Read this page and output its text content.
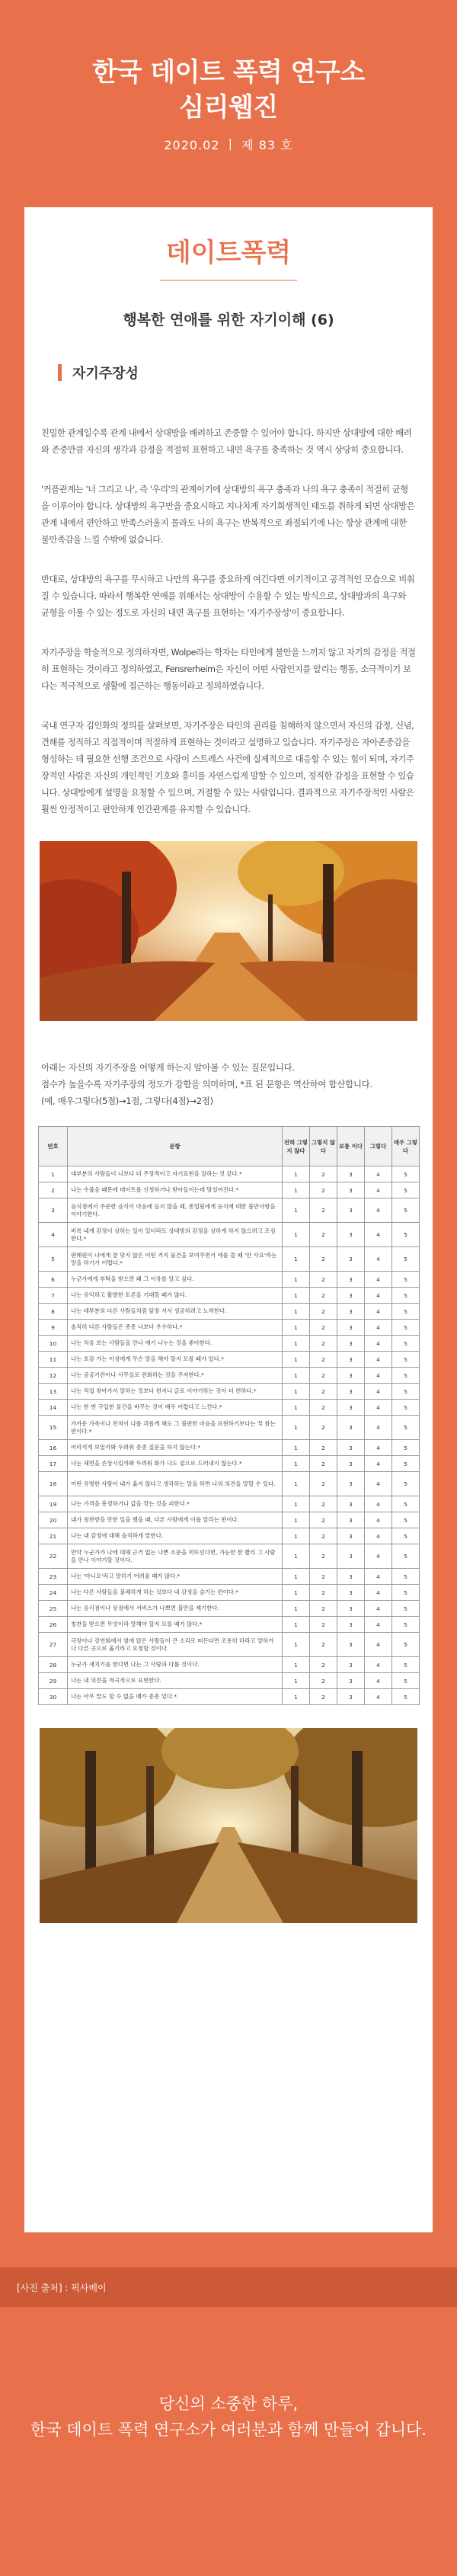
한국 데이트 폭력 연구소
심리웹진
2020.02 ㅣ 제 83 호
데이트폭력
행복한 연애를 위한 자기이해 (6)
자기주장성

친밀한 관계일수록 관계 내에서 상대방을 배려하고 존중할 수 있어야 합니다. 하지만 상대방에 대한 배려와 존중만큼 자신의 생각과 감정을 적절히 표현하고 내면 욕구를 충족하는 것 역시 상당히 중요합니다.

'커플관계는 '너 그리고 나', 즉 '우리'의 관계이기에 상대방의 욕구 충족과 나의 욕구 충족이 적절히 균형을 이루어야 합니다. 상대방의 욕구만을 중요시하고 지나치게 자기희생적인 태도를 취하게 되면 상대방은 관계 내에서 편안하고 만족스러울지 몰라도 나의 욕구는 반복적으로 좌절되기에 나는 항상 관계에 대한 불만족감을 느낄 수밖에 없습니다.

반대로, 상대방의 욕구를 무시하고 나만의 욕구를 중요하게 여긴다면 이기적이고 공격적인 모습으로 비춰질 수 있습니다. 따라서 행복한 연애를 위해서는 상대방이 수용할 수 있는 방식으로, 상대방과의 욕구와 균형을 이룰 수 있는 정도로 자신의 내면 욕구를 표현하는 '자기주장성'이 중요합니다.

자기주장을 학술적으로 정의하자면, Wolpe라는 학자는 타인에게 불안을 느끼지 않고 자기의 감정을 적절히 표현하는 것이라고 정의하였고, Fensrerheim은 자신이 어떤 사람인지를 알리는 행동, 소극적이기 보다는 적극적으로 생활에 접근하는 행동이라고 정의하였습니다.

국내 연구자 김인화의 정의를 살펴보면, 자기주장은 타인의 권리를 침해하지 않으면서 자신의 감정, 신념, 견해를 정직하고 직접적이며 적절하게 표현하는 것이라고 설명하고 있습니다. 자기주장은 자아존중감을 형성하는 데 필요한 선행 조건으로 사랑이 스트레스 사건에 실제적으로 대응할 수 있는 힘이 되며, 자기주장적인 사람은 자신의 개인적인 기호와 흥미를 자연스럽게 말할 수 있으며, 정직한 감정을 표현할 수 있습니다. 상대방에게 설명을 요청할 수 있으며, 거절할 수 있는 사람입니다. 결과적으로 자기주장적인 사람은 훨씬 안정적이고 편안하게 인간관계를 유지할 수 있습니다.

아래는 자신의 자기주장을 어떻게 하는지 알아볼 수 있는 질문입니다.
점수가 높을수록 자기주장의 정도가 강함을 의미하며, *표 된 문항은 역산하여 합산합니다.
(예, 매우그렇다(5점)→1점, 그렇다(4점)→2점)
번호	문항	전혀 그렇지 않다	그렇지 않다	보통 이다	그렇다	매우 그렇다
1	대부분의 사람들이 나보다 더 주장적이고 자기표현을 잘하는 것 같다.*	1	2	3	4	5
2	나는 수줍음 때문에 데이트를 신청하거나 받아들이는데 망설여진다.*	1	2	3	4	5
3	음식점에서 주문한 음식이 마음에 들지 않을 때, 종업원에게 음식에 대한 불만사항을 이야기한다.	1	2	3	4	5
4	비록 내게 감정이 상하는 일이 있더라도 상대방의 감정을 상하게 하지 않으려고 조심한다.*	1	2	3	4	5
5	판매원이 나에게 잘 맞지 않은 어떤 거지 물건을 보여주면서 애를 쓸 때 '안 사요'라는 말을 하기가 어렵다.*	1	2	3	4	5
6	누군가에게 부탁을 받으면 왜 그 이유를 알고 싶다.	1	2	3	4	5
7	나는 유익하고 활발한 토론을 기대할 때가 많다.	1	2	3	4	5
8	나는 대부분의 다른 사람들처럼 앞장 서서 성공하려고 노력한다.	1	2	3	4	5
9	솔직히 다른 사람들은 종종 나보다 우수하다.*	1	2	3	4	5
10	나는 처음 보는 사람들을 만나 얘기 나누는 것을 좋아한다.	1	2	3	4	5
11	나는 호감 가는 이성에게 무슨 말을 해야 할지 모를 때가 있다.*	1	2	3	4	5
12	나는 공공기관이나 사무실로 전화하는 것을 주저한다.*	1	2	3	4	5
13	나는 직접 찾아가서 말하는 것보다 편지나 글로 이야기하는 것이 더 편하다.*	1	2	3	4	5
14	나는 한 번 구입한 물건을 바꾸는 것이 매우 어렵다고 느낀다.*	1	2	3	4	5
15	가까운 가족이나 친척이 나를 괴롭게 해도 그 불편한 마음을 표현하기보다는 꾹 참는 편이다.*	1	2	3	4	5
16	어리석게 보일까봐 두려워 종종 질문을 하지 않는다.*	1	2	3	4	5
17	나는 체면을 손상시킬까봐 두려워 화가 나도 겉으로 드러내지 않는다.*	1	2	3	4	5
18	어떤 유명한 사람이 내가 옳지 않다고 생각하는 말을 하면 나의 의견을 말할 수 있다.	1	2	3	4	5
19	나는 가격을 흥정하거나 값을 깎는 것을 피한다.*	1	2	3	4	5
20	내가 칭찬받을 만한 일을 했을 때, 다른 사람에게 이를 알리는 편이다.	1	2	3	4	5
21	나는 내 감정에 대해 솔직하게 말한다.	1	2	3	4	5
22	만약 누군가가 나에 대해 근거 없는 나쁜 소문을 퍼뜨린다면, 가능한 한 빨리 그 사람을 만나 이야기할 것이다.	1	2	3	4	5
23	나는 '아니오'라고 말하기 어려울 때가 많다.*	1	2	3	4	5
24	나는 다른 사람들을 불쾌하게 하는 것보다 내 감정을 숨기는 편이다.*	1	2	3	4	5
25	나는 음식점이나 상점에서 서비스가 나쁘면 불만을 제기한다.	1	2	3	4	5
26	칭찬을 받으면 무엇이라 말해야 할지 모를 때가 많다.*	1	2	3	4	5
27	극장이나 강연회에서 옆에 앉은 사람들이 큰 소리로 떠든다면 조용히 하라고 말하거나 다른 곳으로 옮기라고 요청할 것이다.	1	2	3	4	5
28	누군가 새치기를 한다면 나는 그 사람과 다툴 것이다.	1	2	3	4	5
29	나는 내 의견을 적극적으로 표현한다.	1	2	3	4	5
30	나는 아무 말도 할 수 없을 때가 종종 있다.*	1	2	3	4	5
[사진 출처] : 픽사베이

당신의 소중한 하루,

한국 데이트 폭력 연구소가 여러분과 함께 만들어 갑니다.
